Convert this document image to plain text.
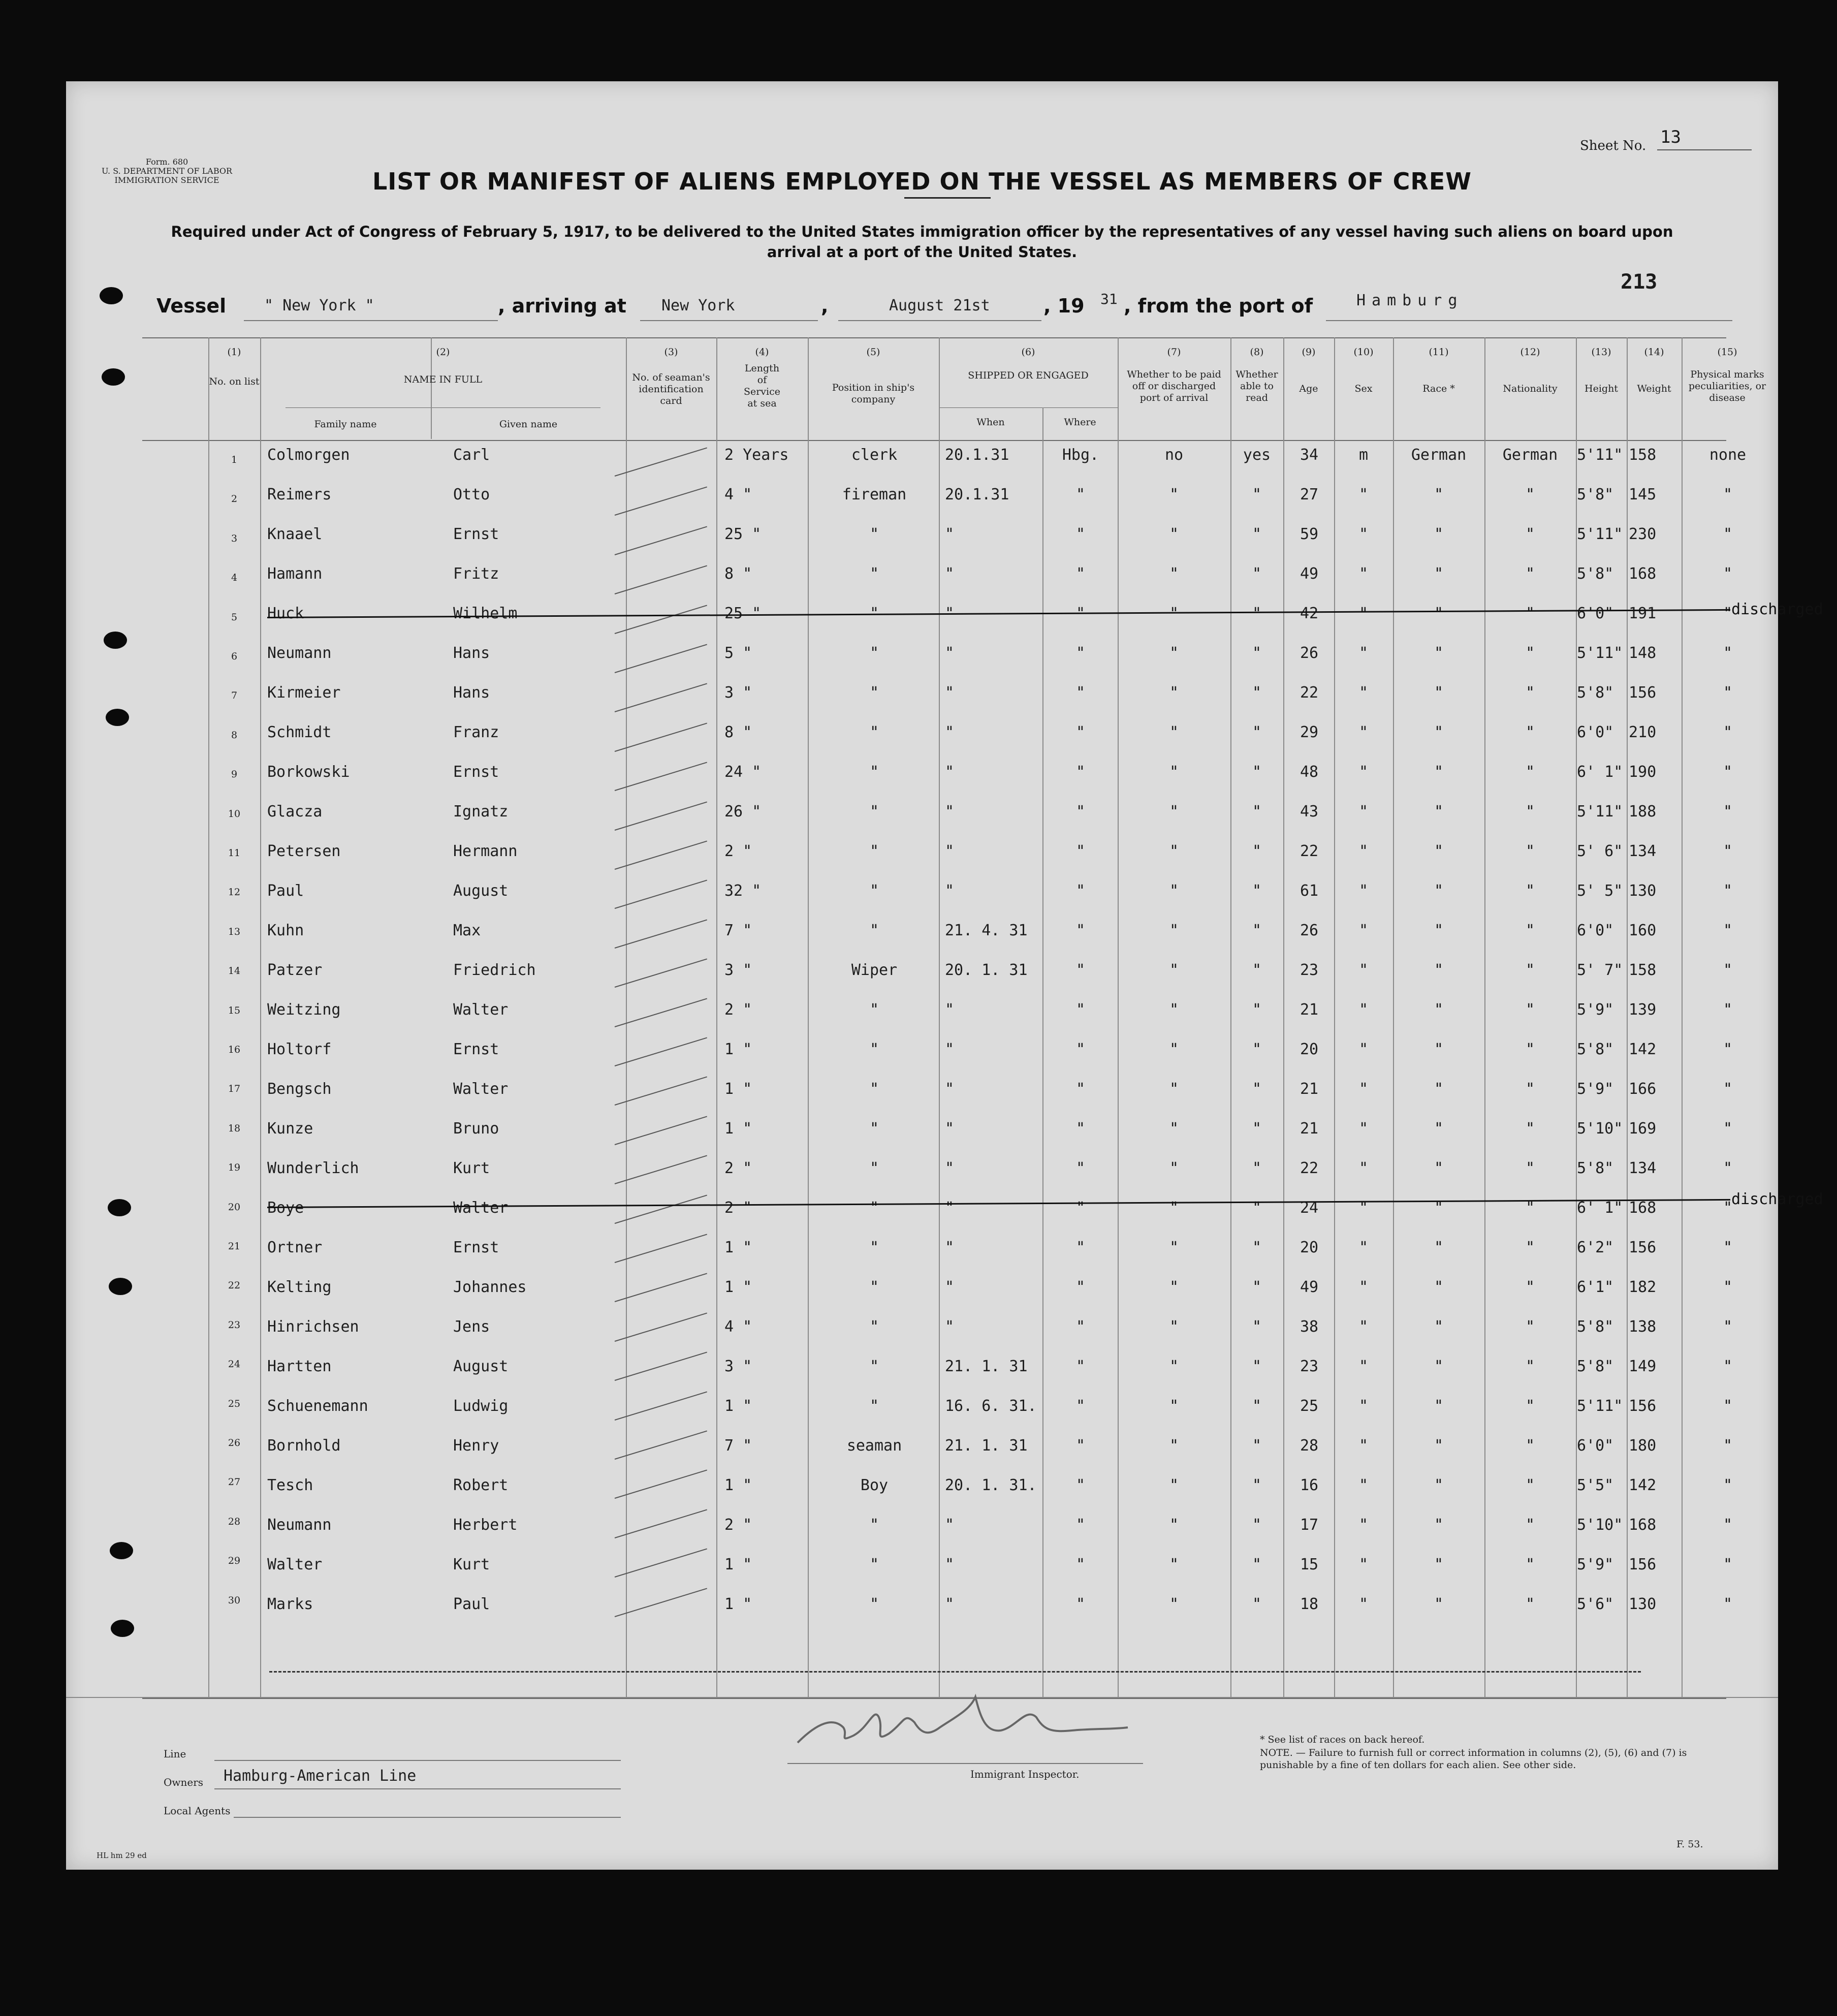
Form. 680
U. S. DEPARTMENT OF LABOR
IMMIGRATION SERVICE
Sheet No. 13
LIST OR MANIFEST OF ALIENS EMPLOYED ON THE VESSEL AS MEMBERS OF CREW
Required under Act of Congress of February 5, 1917, to be delivered to the United States immigration officer by the representatives of any vessel having such aliens on board upon arrival at a port of the United States.
213
Vessel " New York "	, arriving at New York	,	August 21st	, 19 31 , from the port of	Hamburg
(1)
No. on list
(2)
NAME IN FULL
Family name	Given name
(3)
No. of seaman's identification card
(4)
Length of Service at sea
(5)
Position in ship's company
(6)
SHIPPED OR ENGAGED
When	Where
(7)
Whether to be paid off or discharged port of arrival
(8)
Whether able to read
(9)
Age
(10)
Sex
(11)
Race *
(12)
Nationality
(13)
Height
(14)
Weight
(15)
Physical marks peculiarities, or disease
1	Colmorgen	Carl	2 Years	clerk	20.1.31	Hbg.	no	yes	34	m	German	German	5'11" 158	none
2	Reimers	Otto	4 "	fireman	20.1.31	"	"	"	27	"	"	"	5'8" 145	"
3	Knaael	Ernst	25 "	"	"	"	"	"	59	"	"	"	5'11" 230	"
4	Hamann	Fritz	8 "	"	"	"	"	"	49	"	"	"	5'8" 168	"
5	Huck	Wilhelm	25 "	"	"	"	"	"	42	"	"	"	6'0" 191	"
discharged
6	Neumann	Hans	5 "	"	"	"	"	"	26	"	"	"	5'11" 148	"
7	Kirmeier	Hans	3 "	"	"	"	"	"	22	"	"	"	5'8" 156	"
8	Schmidt	Franz	8 "	"	"	"	"	"	29	"	"	"	6'0" 210	"
9	Borkowski	Ernst	24 "	"	"	"	"	"	48	"	"	"	6' 1" 190	"
10	Glacza	Ignatz	26 "	"	"	"	"	"	43	"	"	"	5'11" 188	"
11	Petersen	Hermann	2 "	"	"	"	"	"	22	"	"	"	5' 6" 134	"
12	Paul	August	32 "	"	"	"	"	"	61	"	"	"	5' 5" 130	"
13	Kuhn	Max	7 "	"	21. 4. 31	"	"	"	26	"	"	"	6'0" 160	"
14	Patzer	Friedrich	3 "	Wiper	20. 1. 31	"	"	"	23	"	"	"	5' 7" 158	"
15	Weitzing	Walter	2 "	"	"	"	"	"	21	"	"	"	5'9" 139	"
16	Holtorf	Ernst	1 "	"	"	"	"	"	20	"	"	"	5'8" 142	"
17	Bengsch	Walter	1 "	"	"	"	"	"	21	"	"	"	5'9" 166	"
18	Kunze	Bruno	1 "	"	"	"	"	"	21	"	"	"	5'10" 169	"
19	Wunderlich	Kurt	2 "	"	"	"	"	"	22	"	"	"	5'8" 134	"
20	Boye	Walter	2 "	"	"	"	"	"	24	"	"	"	6' 1" 168	"
discharged
21	Ortner	Ernst	1 "	"	"	"	"	"	20	"	"	"	6'2" 156	"
22	Kelting	Johannes	1 "	"	"	"	"	"	49	"	"	"	6'1" 182	"
23	Hinrichsen	Jens	4 "	"	"	"	"	"	38	"	"	"	5'8" 138	"
24	Hartten	August	3 "	"	21. 1. 31	"	"	"	23	"	"	"	5'8" 149	"
25	Schuenemann	Ludwig	1 "	"	16. 6. 31.	"	"	"	25	"	"	"	5'11" 156	"
26	Bornhold	Henry	7 "	seaman	21. 1. 31	"	"	"	28	"	"	"	6'0" 180	"
27	Tesch	Robert	1 "	Boy	20. 1. 31.	"	"	"	16	"	"	"	5'5" 142	"
28	Neumann	Herbert	2 "	"	"	"	"	"	17	"	"	"	5'10" 168	"
29	Walter	Kurt	1 "	"	"	"	"	"	15	"	"	"	5'9" 156	"
30	Marks	Paul	1 "	"	"	"	"	"	18	"	"	"	5'6" 130	"
Line
Owners Hamburg-American Line
Local Agents
Immigrant Inspector.
* See list of races on back hereof.
NOTE. — Failure to furnish full or correct information in columns (2), (5), (6) and (7) is punishable by a fine of ten dollars for each alien. See other side.
HL hm 29 ed
F. 53.
